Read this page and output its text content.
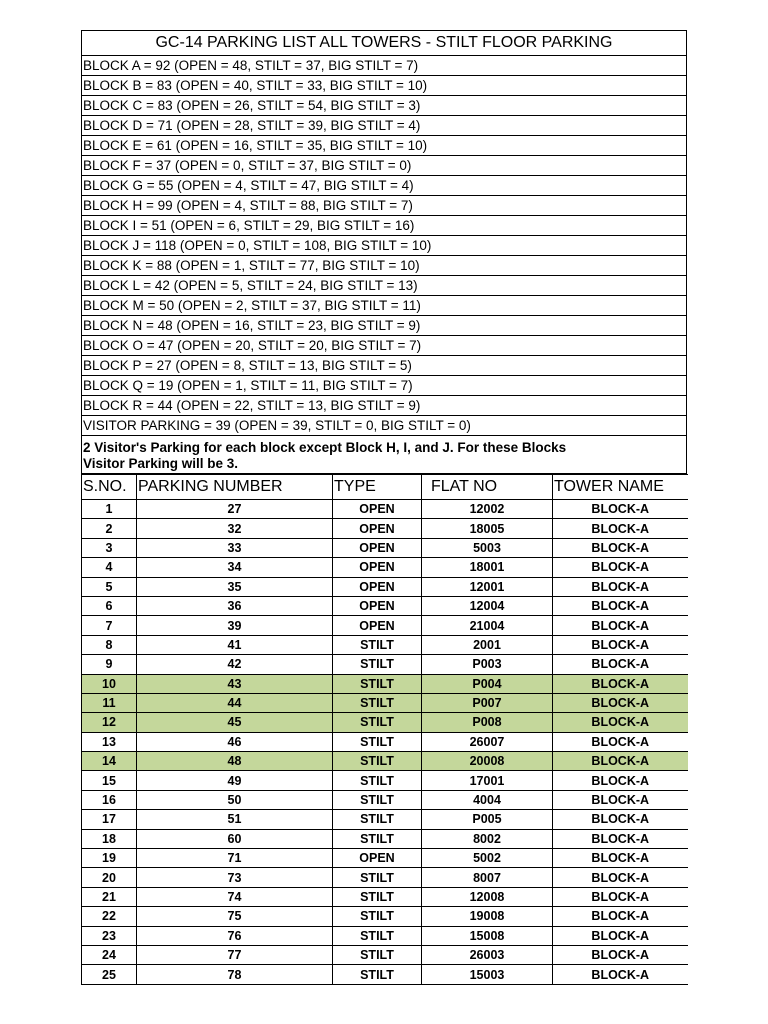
GC-14 PARKING LIST ALL TOWERS - STILT FLOOR PARKING
BLOCK A = 92 (OPEN = 48, STILT = 37, BIG STILT = 7)
BLOCK B = 83 (OPEN = 40, STILT = 33, BIG STILT = 10)
BLOCK C = 83 (OPEN = 26, STILT = 54, BIG STILT = 3)
BLOCK D = 71 (OPEN = 28, STILT = 39, BIG STILT = 4)
BLOCK E = 61 (OPEN = 16, STILT = 35, BIG STILT = 10)
BLOCK F = 37 (OPEN = 0, STILT = 37, BIG STILT = 0)
BLOCK G = 55 (OPEN = 4, STILT = 47, BIG STILT = 4)
BLOCK H = 99 (OPEN = 4, STILT = 88, BIG STILT = 7)
BLOCK I = 51 (OPEN = 6, STILT = 29, BIG STILT = 16)
BLOCK J = 118 (OPEN = 0, STILT = 108, BIG STILT = 10)
BLOCK K = 88 (OPEN = 1, STILT = 77, BIG STILT = 10)
BLOCK L = 42 (OPEN = 5, STILT = 24, BIG STILT = 13)
BLOCK M = 50 (OPEN = 2, STILT = 37, BIG STILT = 11)
BLOCK N = 48 (OPEN = 16, STILT = 23, BIG STILT = 9)
BLOCK O = 47 (OPEN = 20, STILT = 20, BIG STILT = 7)
BLOCK P = 27 (OPEN = 8, STILT = 13, BIG STILT = 5)
BLOCK Q = 19 (OPEN = 1, STILT = 11, BIG STILT = 7)
BLOCK R = 44 (OPEN = 22, STILT = 13, BIG STILT = 9)
VISITOR PARKING = 39 (OPEN = 39, STILT = 0, BIG STILT = 0)
2 Visitor's Parking for each block except Block H, I, and J. For these Blocks
Visitor Parking will be 3.
S.NO.	PARKING NUMBER	TYPE	FLAT NO	TOWER NAME
1	27	OPEN	12002	BLOCK-A
2	32	OPEN	18005	BLOCK-A
3	33	OPEN	5003	BLOCK-A
4	34	OPEN	18001	BLOCK-A
5	35	OPEN	12001	BLOCK-A
6	36	OPEN	12004	BLOCK-A
7	39	OPEN	21004	BLOCK-A
8	41	STILT	2001	BLOCK-A
9	42	STILT	P003	BLOCK-A
10	43	STILT	P004	BLOCK-A
11	44	STILT	P007	BLOCK-A
12	45	STILT	P008	BLOCK-A
13	46	STILT	26007	BLOCK-A
14	48	STILT	20008	BLOCK-A
15	49	STILT	17001	BLOCK-A
16	50	STILT	4004	BLOCK-A
17	51	STILT	P005	BLOCK-A
18	60	STILT	8002	BLOCK-A
19	71	OPEN	5002	BLOCK-A
20	73	STILT	8007	BLOCK-A
21	74	STILT	12008	BLOCK-A
22	75	STILT	19008	BLOCK-A
23	76	STILT	15008	BLOCK-A
24	77	STILT	26003	BLOCK-A
25	78	STILT	15003	BLOCK-A
